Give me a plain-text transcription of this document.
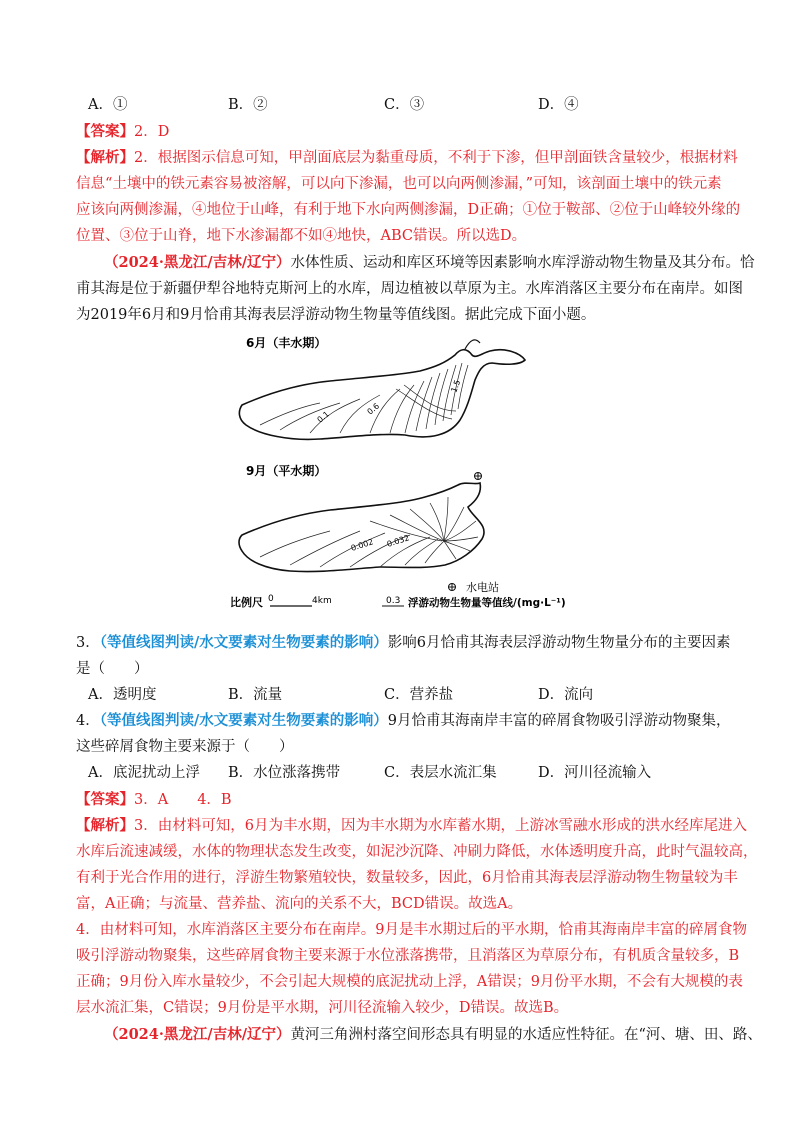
A．①	B．②	C．③	D．④
【答案】2．D
【解析】2．根据图示信息可知，甲剖面底层为黏重母质，不利于下渗，但甲剖面铁含量较少，根据材料
信息“土壤中的铁元素容易被溶解，可以向下渗漏，也可以向两侧渗漏，”可知，该剖面土壤中的铁元素
应该向两侧渗漏，④地位于山峰，有利于地下水向两侧渗漏，D正确；①位于鞍部、②位于山峰较外缘的
位置、③位于山脊，地下水渗漏都不如④地快，ABC错误。所以选D。
（2024·黑龙江/吉林/辽宁）水体性质、运动和库区环境等因素影响水库浮游动物生物量及其分布。恰
甫其海是位于新疆伊犁谷地特克斯河上的水库，周边植被以草原为主。水库消落区主要分布在南岸。如图
为2019年6月和9月恰甫其海表层浮游动物生物量等值线图。据此完成下面小题。
6月（丰水期）
0.1
0.6
1.5
9月（平水期）
0.002 0.032
水电站
比例尺 0	4km	0.3 浮游动物生物量等值线/(mg·L⁻¹)
3．（等值线图判读/水文要素对生物要素的影响）影响6月恰甫其海表层浮游动物生物量分布的主要因素
是（　　）
A．透明度	B．流量	C．营养盐	D．流向
4．（等值线图判读/水文要素对生物要素的影响）9月恰甫其海南岸丰富的碎屑食物吸引浮游动物聚集，
这些碎屑食物主要来源于（　　）
A．底泥扰动上浮 B．水位涨落携带	C．表层水流汇集	D．河川径流输入
【答案】3．A　　4．B
【解析】3．由材料可知，6月为丰水期，因为丰水期为水库蓄水期，上游冰雪融水形成的洪水经库尾进入
水库后流速减缓，水体的物理状态发生改变，如泥沙沉降、冲刷力降低，水体透明度升高，此时气温较高，
有利于光合作用的进行，浮游生物繁殖较快，数量较多，因此，6月恰甫其海表层浮游动物生物量较为丰
富，A正确；与流量、营养盐、流向的关系不大，BCD错误。故选A。
4．由材料可知，水库消落区主要分布在南岸。9月是丰水期过后的平水期，恰甫其海南岸丰富的碎屑食物
吸引浮游动物聚集，这些碎屑食物主要来源于水位涨落携带，且消落区为草原分布，有机质含量较多，B
正确；9月份入库水量较少，不会引起大规模的底泥扰动上浮，A错误；9月份平水期，不会有大规模的表
层水流汇集，C错误；9月份是平水期，河川径流输入较少，D错误。故选B。
（2024·黑龙江/吉林/辽宁）黄河三角洲村落空间形态具有明显的水适应性特征。在“河、塘、田、路、
